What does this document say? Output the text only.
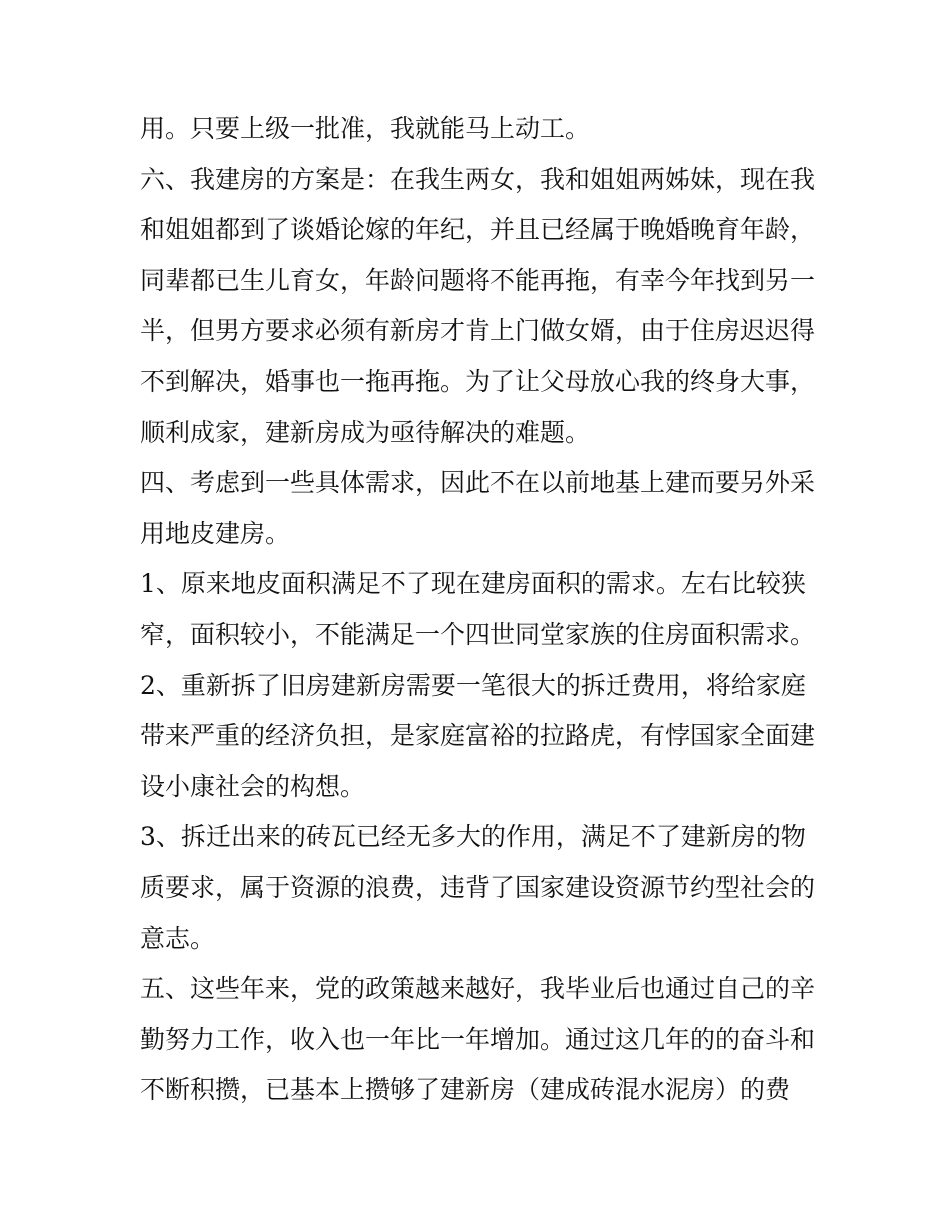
用。只要上级一批准，我就能马上动工。
六、我建房的方案是：在我生两女，我和姐姐两姊妹，现在我
和姐姐都到了谈婚论嫁的年纪，并且已经属于晚婚晚育年龄，
同辈都已生儿育女，年龄问题将不能再拖，有幸今年找到另一
半，但男方要求必须有新房才肯上门做女婿，由于住房迟迟得
不到解决，婚事也一拖再拖。为了让父母放心我的终身大事，
顺利成家，建新房成为亟待解决的难题。
四、考虑到一些具体需求，因此不在以前地基上建而要另外采
用地皮建房。
1、原来地皮面积满足不了现在建房面积的需求。左右比较狭
窄，面积较小，不能满足一个四世同堂家族的住房面积需求。
2、重新拆了旧房建新房需要一笔很大的拆迁费用，将给家庭
带来严重的经济负担，是家庭富裕的拉路虎，有悖国家全面建
设小康社会的构想。
3、拆迁出来的砖瓦已经无多大的作用，满足不了建新房的物
质要求，属于资源的浪费，违背了国家建设资源节约型社会的
意志。
五、这些年来，党的政策越来越好，我毕业后也通过自己的辛
勤努力工作，收入也一年比一年增加。通过这几年的的奋斗和
不断积攒，已基本上攒够了建新房（建成砖混水泥房）的费
